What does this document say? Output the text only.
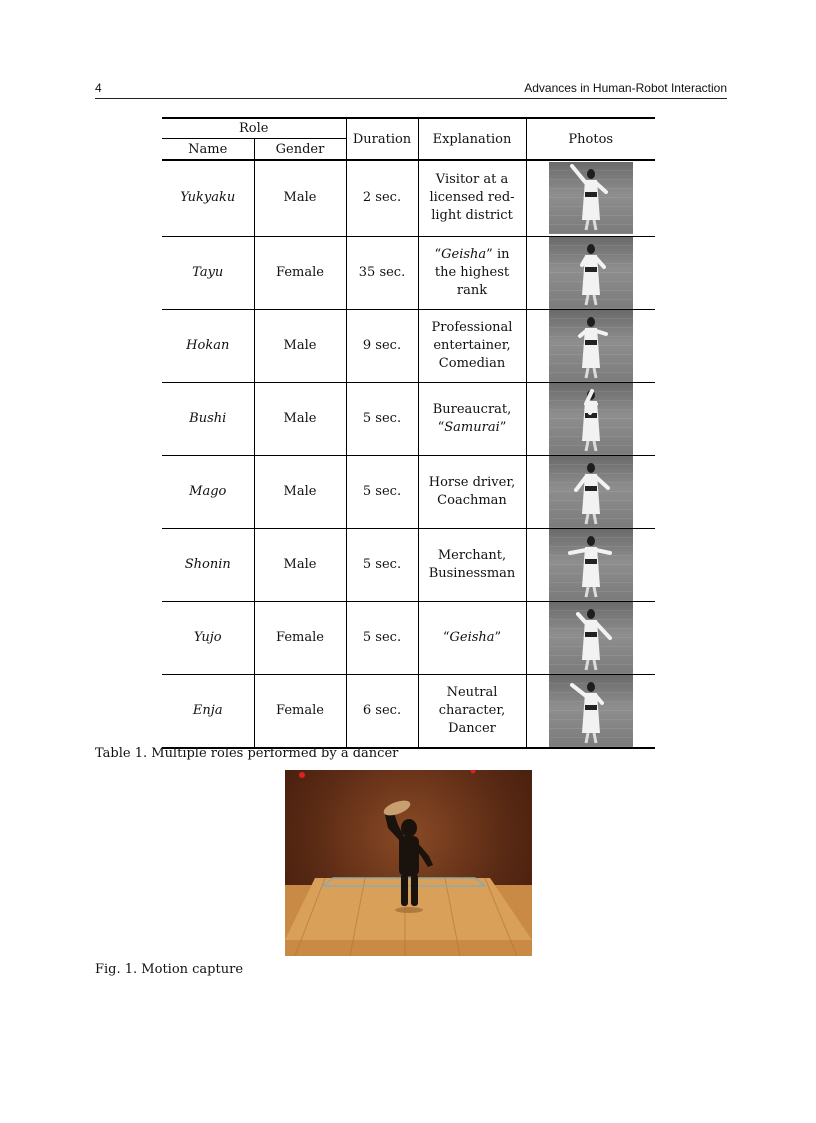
4	Advances in Human-Robot Interaction
Role		Duration	Explanation	Photos
Name	Gender			
Yukyaku	Male	2 sec.	Visitor at a
licensed red-
light district	

Tayu	Female	35 sec.	“Geisha” in
the highest
rank	

Hokan	Male	9 sec.	Professional
entertainer,
Comedian	

Bushi	Male	5 sec.	Bureaucrat,
“Samurai”	

Mago	Male	5 sec.	Horse driver,
Coachman	

Shonin	Male	5 sec.	Merchant,
Businessman	

Yujo	Female	5 sec.	“Geisha”	

Enja	Female	6 sec.	Neutral
character,
Dancer	
Table 1. Multiple roles performed by a dancer
Fig. 1. Motion capture
